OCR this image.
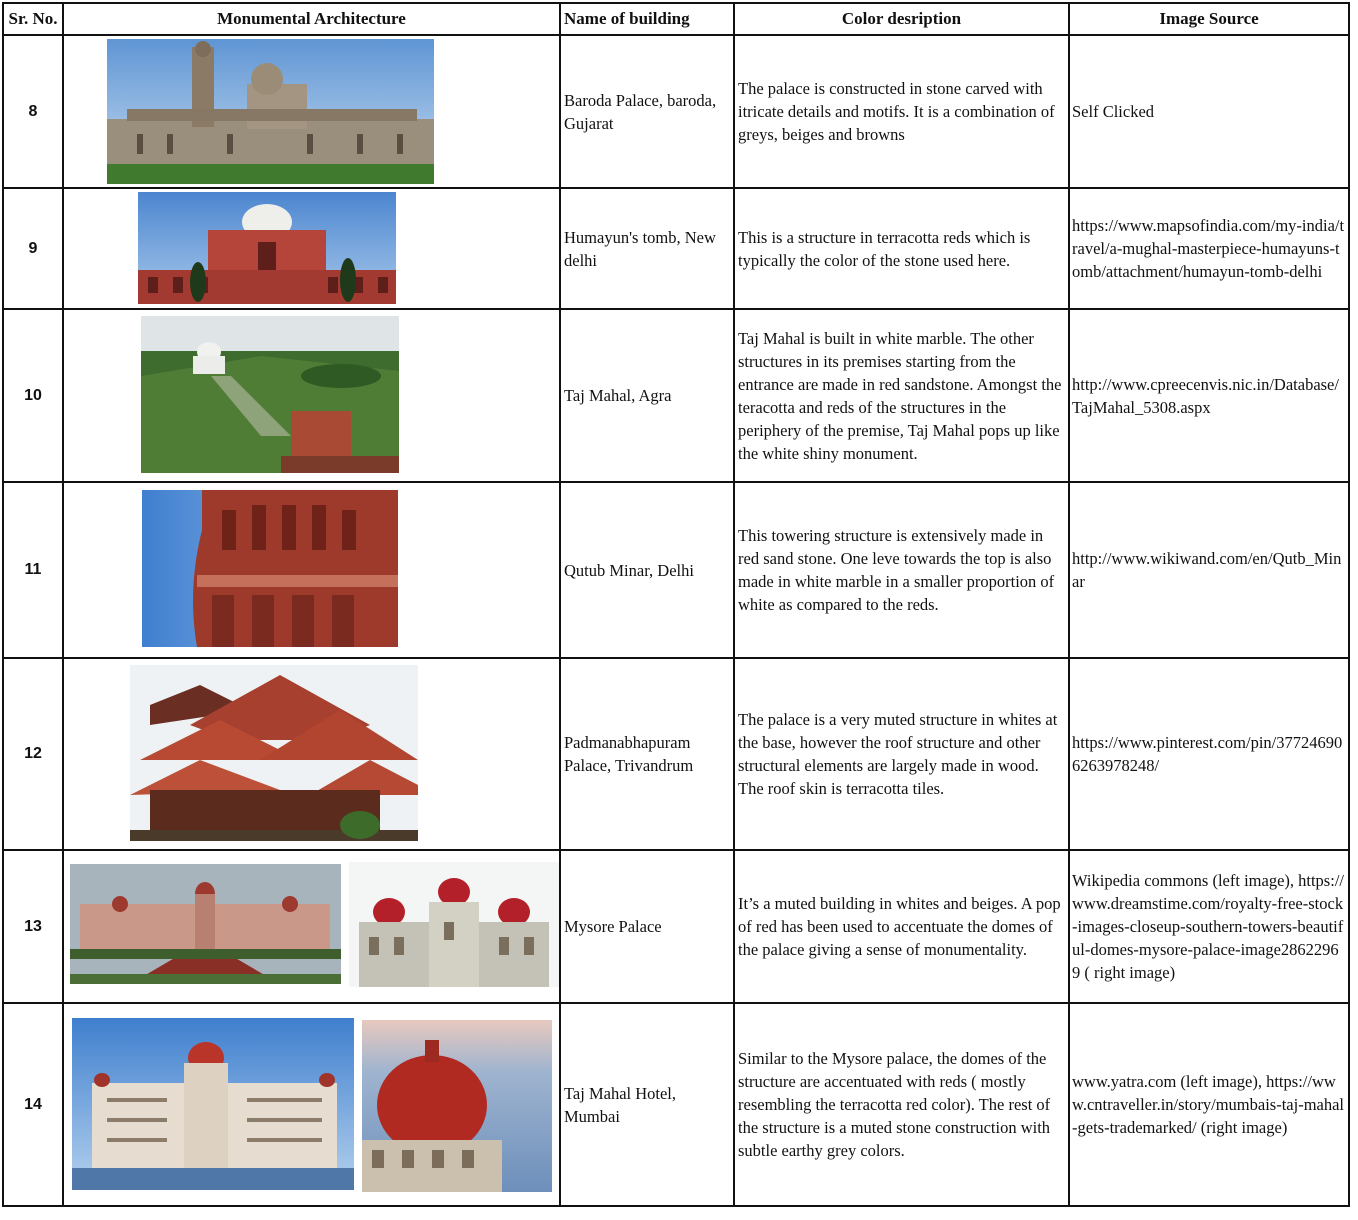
Sr. No.	Monumental Architecture	Name of building	Color desription	Image Source
8		Baroda Palace, baroda, Gujarat	The palace is constructed in stone carved with itricate details and motifs. It is a combination of greys, beiges and browns	Self Clicked
9		Humayun's tomb, New delhi	This is a structure in terracotta reds which is typically the color of the stone used here.	https://www.mapsofindia.com/my-india/travel/a-mughal-masterpiece-humayuns-tomb/attachment/humayun-tomb-delhi
10		Taj Mahal, Agra	Taj Mahal is built in white marble. The other structures in its premises starting from the entrance are made in red sandstone. Amongst the teracotta and reds of the structures in the periphery of the premise, Taj Mahal pops up like the white shiny monument.	http://www.cpreecenvis.nic.in/Database/TajMahal_5308.aspx
11		Qutub Minar, Delhi	This towering structure is extensively made in red sand stone. One leve towards the top is also made in white marble in a smaller proportion of white as compared to the reds.	http://www.wikiwand.com/en/Qutb_Minar
12		Padmanabhapuram Palace, Trivandrum	The palace is a very muted structure in whites at the base, however the roof structure and other structural elements are largely made in wood. The roof skin is terracotta tiles.	https://www.pinterest.com/pin/377246906263978248/
13		Mysore Palace	It’s a muted building in whites and beiges. A pop of red has been used to accentuate the domes of the palace giving a sense of monumentality.	Wikipedia commons (left image), https://www.dreamstime.com/royalty-free-stock-images-closeup-southern-towers-beautiful-domes-mysore-palace-image28622969 ( right image)
14		Taj Mahal Hotel, Mumbai	Similar to the Mysore palace, the domes of the structure are accentuated with reds ( mostly resembling the terracotta red color). The rest of the structure is a muted stone construction with subtle earthy grey colors.	www.yatra.com (left image), https://www.cntraveller.in/story/mumbais-taj-mahal-gets-trademarked/ (right image)
